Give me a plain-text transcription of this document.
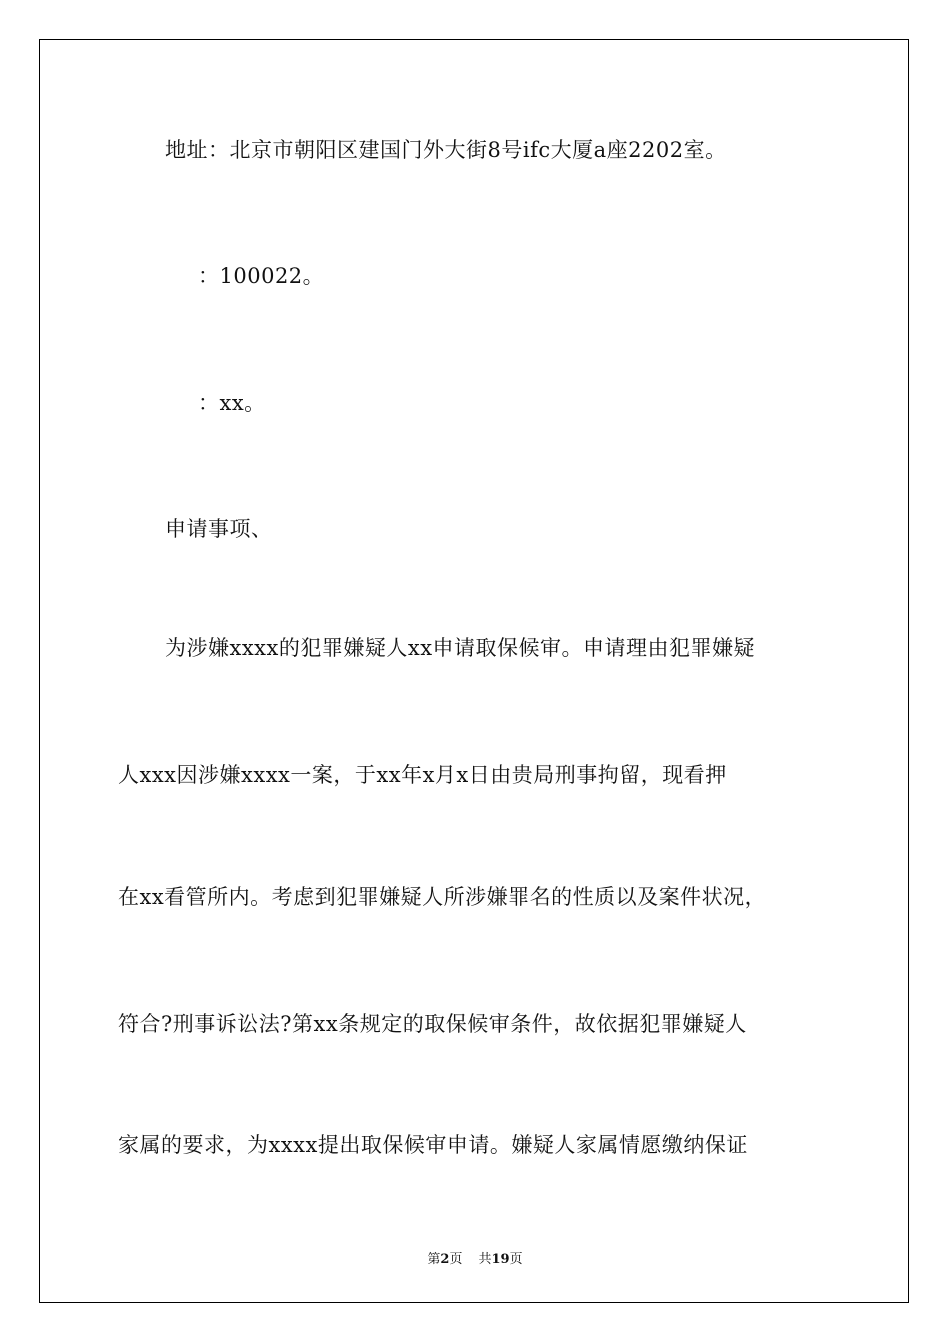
地址：北京市朝阳区建国门外大街8号ifc大厦a座2202室。
：100022。
：xx。
申请事项、
为涉嫌xxxx的犯罪嫌疑人xx申请取保候审。申请理由犯罪嫌疑
人xxx因涉嫌xxxx一案，于xx年x月x日由贵局刑事拘留，现看押
在xx看管所内。考虑到犯罪嫌疑人所涉嫌罪名的性质以及案件状况，
符合?刑事诉讼法?第xx条规定的取保候审条件，故依据犯罪嫌疑人
家属的要求，为xxxx提出取保候审申请。嫌疑人家属情愿缴纳保证
第2页 共19页
